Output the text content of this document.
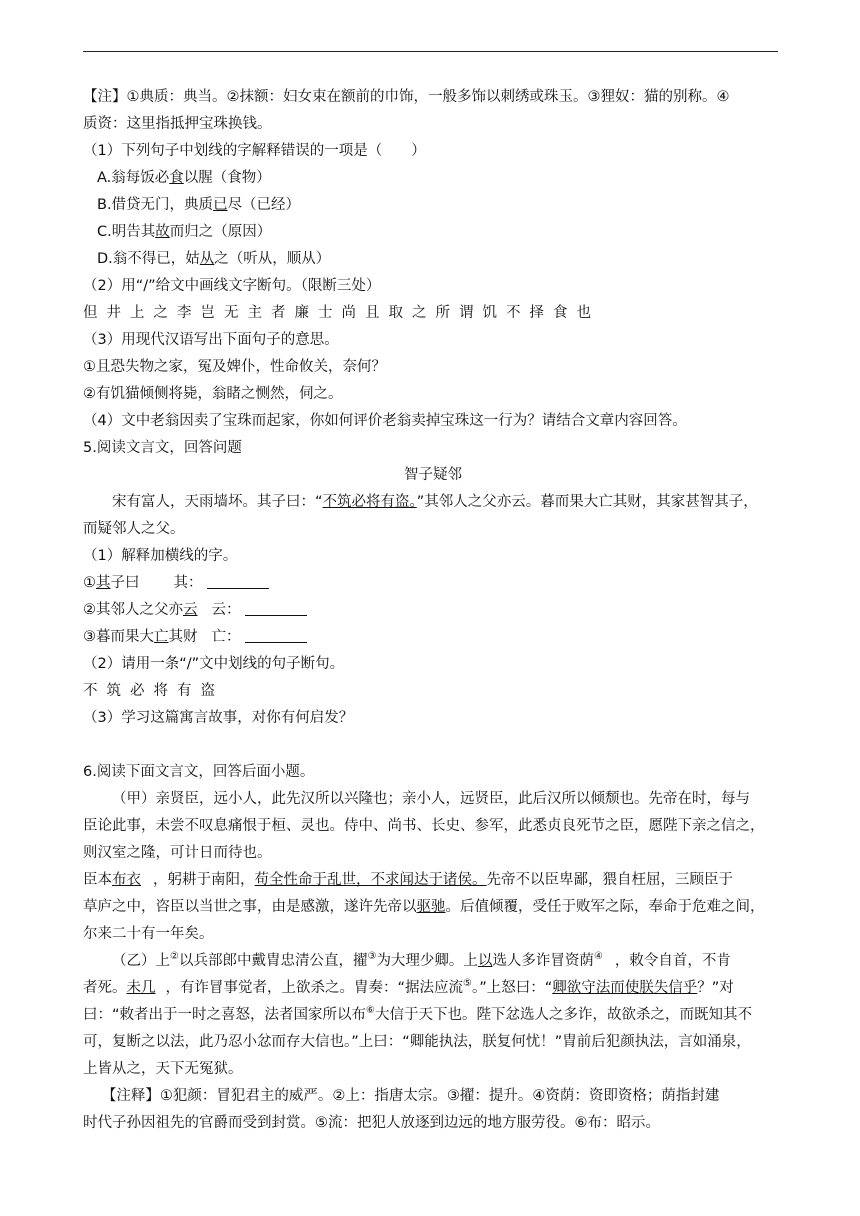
【注】①典质：典当。②抹额：妇女束在额前的巾饰，一般多饰以刺绣或珠玉。③狸奴：猫的别称。④
质资：这里指抵押宝珠换钱。
（1）下列句子中划线的字解释错误的一项是（　　）
A.翁每饭必食以腥（食物）
B.借贷无门，典质已尽（已经）
C.明告其故而归之（原因）
D.翁不得已，姑从之（听从，顺从）
（2）用“/”给文中画线文字断句。（限断三处）
但井上之李岂无主者廉士尚且取之所谓饥不择食也
（3）用现代汉语写出下面句子的意思。
①且恐失物之家，冤及婢仆，性命攸关，奈何？
②有饥猫倾侧将毙，翁睹之恻然，伺之。
（4）文中老翁因卖了宝珠而起家，你如何评价老翁卖掉宝珠这一行为？请结合文章内容回答。
5.阅读文言文，回答问题
智子疑邻
宋有富人，天雨墙坏。其子曰：“不筑必将有盗。”其邻人之父亦云。暮而果大亡其财，其家甚智其子，
而疑邻人之父。
（1）解释加横线的字。
①其子曰 其：
②其邻人之父亦云 云：
③暮而果大亡其财 亡：
（2）请用一条“/”文中划线的句子断句。
不筑必将有盗
（3）学习这篇寓言故事，对你有何启发？
6.阅读下面文言文，回答后面小题。
（甲）亲贤臣，远小人，此先汉所以兴隆也；亲小人，远贤臣，此后汉所以倾颓也。先帝在时，每与
臣论此事，未尝不叹息痛恨于桓、灵也。侍中、尚书、长史、参军，此悉贞良死节之臣，愿陛下亲之信之，
则汉室之隆，可计日而待也。
臣本布衣 ，躬耕于南阳，苟全性命于乱世，不求闻达于诸侯。先帝不以臣卑鄙，猥自枉屈，三顾臣于
草庐之中，咨臣以当世之事，由是感激，遂许先帝以驱驰。后值倾覆，受任于败军之际，奉命于危难之间，
尔来二十有一年矣。
（乙）上②以兵部郎中戴胄忠清公直，擢③为大理少卿。上以选人多诈冒资荫④ ，敕令自首，不肯
者死。未几 ，有诈冒事觉者，上欲杀之。胄奏：“据法应流⑤。”上怒曰：“卿欲守法而使朕失信乎？”对
曰：“敕者出于一时之喜怒，法者国家所以布⑥大信于天下也。陛下忿选人之多诈，故欲杀之，而既知其不
可，复断之以法，此乃忍小忿而存大信也。”上曰：“卿能执法，朕复何忧！”胄前后犯颜执法，言如涌泉，
上皆从之，天下无冤狱。
【注释】①犯颜：冒犯君主的威严。②上：指唐太宗。③擢：提升。④资荫：资即资格；荫指封建
时代子孙因祖先的官爵而受到封赏。⑤流：把犯人放逐到边远的地方服劳役。⑥布：昭示。
